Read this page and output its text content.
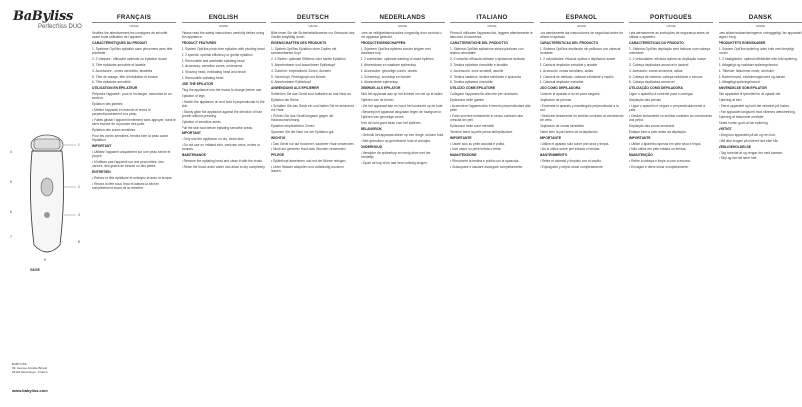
BaByliss
Perfect'liss DUO
1
2
3
4
5
6
7
8
9
G820E
BABYLISS
99, Avenue Aristide Briand
92120 Montrouge - France
www.babyliss.com
FRANÇAIS
G820E

Veuillez lire attentivement les consignes de sécurité avant toute utilisation de l'appareil.

CARACTÉRISTIQUES DU PRODUIT

1. Système Opti'liss épilation sans pincement avec tête pivotante

2. 2 vitesses : efficacité optimale ou épilation douce

3. Tête épilatoire amovible et lavable

4. Accessoire : zones sensibles, aisselles

5. Tête de rasage, tête d'exfoliation et brosse

6. Tête épilatoire amovible

UTILISATION EN ÉPILATEUR

Préparez l'appareil : pour le recharger, raccordez-le au secteur.

Épilation des jambes

• Mettez l'appareil en marche et tenez-le perpendiculairement à la peau.

• Faites glisser l'appareil lentement sans appuyer, dans le sens inverse de la pousse des poils.

Épilation des zones sensibles

Pour les zones sensibles, tendez bien la peau avant l'épilation.

IMPORTANT

• Utilisez l'appareil uniquement sur une peau sèche et propre.

• N'utilisez pas l'appareil sur une peau irritée, des varices, des grains de beauté ou des plaies.

ENTRETIEN

• Retirez la tête épilatoire et nettoyez-la avec la brosse.

• Rincez la tête sous l'eau et laissez-la sécher complètement avant de la remettre.

ENGLISH
G820E

Please read the safety instructions carefully before using this appliance.

PRODUCT FEATURES

1. System Opti'liss pinch-free epilation with pivoting head

2. 2 speeds: optimal efficiency or gentle epilation

3. Removable and washable epilating head

4. Accessory: sensitive zones, underarms

5. Shaving head, exfoliating head and brush

6. Removable epilating head

USE THE EPILATOR

Plug the appliance into the mains to charge before use.

Epilation of legs

• Switch the appliance on and hold it perpendicular to the skin.

• Slowly glide the appliance against the direction of hair growth without pressing.

Epilation of sensitive areas

Pull the skin taut before epilating sensitive areas.

IMPORTANT

• Only use the appliance on dry, clean skin.

• Do not use on irritated skin, varicose veins, moles or wounds.

MAINTENANCE

• Remove the epilating head and clean it with the brush.

• Rinse the head under water and allow to dry completely.

DEUTSCH
G820E

Bitte lesen Sie die Sicherheitshinweise vor Gebrauch des Geräts sorgfältig durch.

EIGENSCHAFTEN DES PRODUKTS

1. System Opti'liss Epilation ohne Zupfen mit schwenkbarem Kopf

2. 2 Stufen: optimale Effizienz oder sanfte Epilation

3. Abnehmbarer und waschbarer Epilierkopf

4. Zubehör: empfindliche Zonen, Achseln

5. Scherkopf, Peelingkopf und Bürste

6. Abnehmbarer Epilierkopf

ANWENDUNG ALS EPILIERER

Schließen Sie das Gerät zum Aufladen an das Netz an.

Epilation der Beine

• Schalten Sie das Gerät ein und halten Sie es senkrecht zur Haut.

• Führen Sie das Gerät langsam gegen die Haarwuchsrichtung.

Epilation empfindlicher Zonen

Spannen Sie die Haut vor der Epilation gut.

WICHTIG

• Das Gerät nur auf trockener, sauberer Haut verwenden.

• Nicht auf gereizter Haut oder Wunden verwenden.

PFLEGE

• Epilierkopf abnehmen und mit der Bürste reinigen.

• Unter Wasser abspülen und vollständig trocknen lassen.

NEDERLANDS
G820E

Lees de veiligheidsinstructies zorgvuldig door voordat u het apparaat gebruikt.

PRODUCTEIGENSCHAPPEN

1. Systeem Opti'liss epileren zonder knijpen met draaibare kop

2. 2 snelheden: optimale werking of zacht epileren

3. Afneembare en wasbare epileerkop

4. Accessoire: gevoelige zones, oksels

5. Scheerkop, scrubkop en borstel

6. Afneembare epileerkop

GEBRUIK ALS EPILATOR

Sluit het apparaat aan op het lichtnet om het op te laden.

Epileren van de benen

• Zet het apparaat aan en houd het loodrecht op de huid.

• Beweeg het apparaat langzaam tegen de haargroei in.

Epileren van gevoelige zones

Trek de huid goed strak voor het epileren.

BELANGRIJK

• Gebruik het apparaat alleen op een droge, schone huid.

• Niet gebruiken op geïrriteerde huid of wondjes.

ONDERHOUD

• Verwijder de epileerkop en reinig deze met het borsteltje.

• Spoel de kop af en laat hem volledig drogen.

ITALIANO
G820E

Prima di utilizzare l'apparecchio, leggere attentamente le istruzioni di sicurezza.

CARATTERISTICHE DEL PRODOTTO

1. Sistema Opti'liss epilazione senza pizzicare con testina orientabile

2. 2 velocità: efficacia ottimale o epilazione delicata

3. Testina epilatrice rimovibile e lavabile

4. Accessorio: zone sensibili, ascelle

5. Testina rasatrice, testina esfoliante e spazzola

6. Testina epilatrice rimovibile

UTILIZZO COME EPILATORE

Collegare l'apparecchio alla rete per ricaricarlo.

Epilazione delle gambe

• Accendere l'apparecchio e tenerlo perpendicolare alla pelle.

• Farlo scorrere lentamente in senso contrario alla crescita dei peli.

Epilazione delle zone sensibili

Tendere bene la pelle prima dell'epilazione.

IMPORTANTE

• Usare solo su pelle asciutta e pulita.

• Non usare su pelle irritata o ferite.

MANUTENZIONE

• Rimuovere la testina e pulirla con la spazzola.

• Sciacquare e lasciare asciugare completamente.

ESPAÑOL
G820E

Lea atentamente las instrucciones de seguridad antes de utilizar el aparato.

CARACTERÍSTICAS DEL PRODUCTO

1. Sistema Opti'liss depilación sin pellizcos con cabezal pivotante

2. 2 velocidades: eficacia óptima o depilación suave

3. Cabezal depilador extraíble y lavable

4. Accesorio: zonas sensibles, axilas

5. Cabezal de afeitado, cabezal exfoliante y cepillo

6. Cabezal depilador extraíble

USO COMO DEPILADORA

Conecte el aparato a la red para cargarlo.

Depilación de piernas

• Encienda el aparato y manténgalo perpendicular a la piel.

• Deslícelo lentamente en sentido contrario al crecimiento del vello.

Depilación de zonas sensibles

Estire bien la piel antes de la depilación.

IMPORTANTE

• Utilice el aparato solo sobre piel seca y limpia.

• No lo utilice sobre piel irritada o heridas.

MANTENIMIENTO

• Retire el cabezal y límpielo con el cepillo.

• Enjuáguelo y déjelo secar completamente.

PORTUGUÊS
G820E

Leia atentamente as instruções de segurança antes de utilizar o aparelho.

CARACTERÍSTICAS DO PRODUTO

1. Sistema Opti'liss depilação sem beliscar com cabeça orientável

2. 2 velocidades: eficácia óptima ou depilação suave

3. Cabeça depiladora amovível e lavável

4. Acessório: zonas sensíveis, axilas

5. Cabeça de barbear, cabeça esfoliante e escova

6. Cabeça depiladora amovível

UTILIZAÇÃO COMO DEPILADORA

Ligue o aparelho à corrente para o carregar.

Depilação das pernas

• Ligue o aparelho e segure-o perpendicularmente à pele.

• Deslize lentamente no sentido contrário ao crescimento dos pêlos.

Depilação das zonas sensíveis

Estique bem a pele antes da depilação.

IMPORTANTE

• Utilize o aparelho apenas em pele seca e limpa.

• Não utilize em pele irritada ou feridas.

MANUTENÇÃO

• Retire a cabeça e limpe-a com a escova.

• Enxagúe e deixe secar completamente.

DANSK
G820E

Læs sikkerhedsanvisningerne omhyggeligt, før apparatet tages i brug.

PRODUKTETS EGENSKABER

1. System Opti'liss epilering uden knib med drejeligt hoved

2. 2 hastigheder: optimal effektivitet eller blid epilering

3. Aftageligt og vaskbart epileringshoved

4. Tilbehør: følsomme zoner, armhuler

5. Barberhoved, eksfolieringshoved og børste

6. Aftageligt epileringshoved

ANVENDELSE SOM EPILATOR

Slut apparatet til lysnettet for at oplade det.

Epilering af ben

• Tænd apparatet og hold det vinkelret på huden.

• Før apparatet langsomt mod hårenes vækstretning.

Epilering af følsomme områder

Stræk huden godt ud før epilering.

VIGTIGT

• Brug kun apparatet på tør og ren hud.

• Må ikke bruges på irriteret hud eller sår.

VEDLIGEHOLDELSE

• Tag hovedet af og rengør det med børsten.

• Skyl og lad det tørre helt.
